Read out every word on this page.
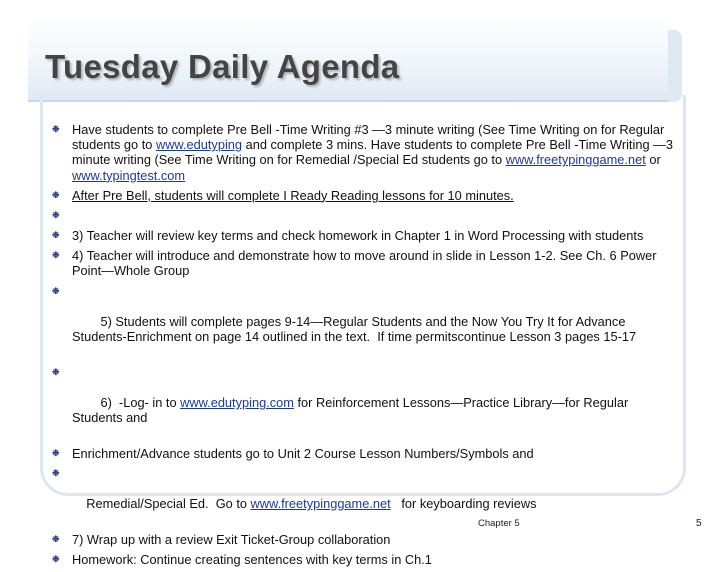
Tuesday Daily Agenda
❉ Have students to complete Pre Bell -Time Writing #3 —3 minute writing (See Time Writing on for Regular students go to www.edutyping and complete 3 mins. Have students to complete Pre Bell -Time Writing —3 minute writing (See Time Writing on for Remedial /Special Ed students go to www.freetypinggame.net or www.typingtest.com
❉ After Pre Bell, students will complete I Ready Reading lessons for 10 minutes.
❉
❉ 3) Teacher will review key terms and check homework in Chapter 1 in Word Processing with students
❉ 4) Teacher will introduce and demonstrate how to move around in slide in Lesson 1-2. See Ch. 6 Power Point—Whole Group

❉

5) Students will complete pages 9-14—Regular Students and the Now You Try It for Advance Students-Enrichment on page 14 outlined in the text.  If time permitscontinue Lesson 3 pages 15-17

❉

6)  -Log- in to www.edutyping.com for Reinforcement Lessons—Practice Library—for Regular Students and

❉ Enrichment/Advance students go to Unit 2 Course Lesson Numbers/Symbols and

❉

Remedial/Special Ed.  Go to www.freetypinggame.net   for keyboarding reviews

❉ 7) Wrap up with a review Exit Ticket-Group collaboration
❉ Homework: Continue creating sentences with key terms in Ch.1
Chapter 5	5
